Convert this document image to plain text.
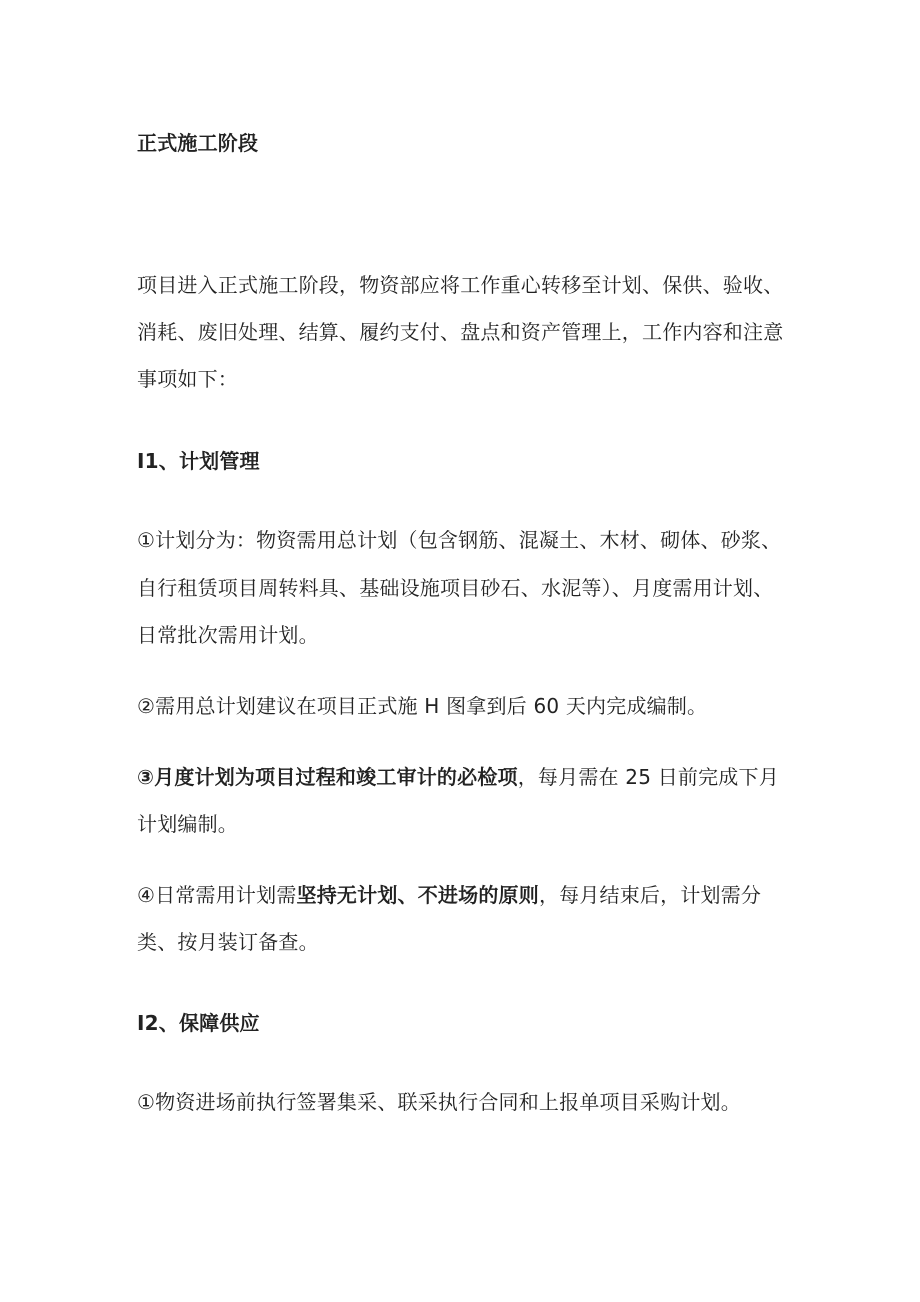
正式施工阶段
项目进入正式施工阶段，物资部应将工作重心转移至计划、保供、验收、
消耗、废旧处理、结算、履约支付、盘点和资产管理上，工作内容和注意
事项如下：
I1、计划管理
①计划分为：物资需用总计划（包含钢筋、混凝土、木材、砌体、砂浆、
自行租赁项目周转料具、基础设施项目砂石、水泥等）、月度需用计划、
日常批次需用计划。
②需用总计划建议在项目正式施 H 图拿到后 60 天内完成编制。
③月度计划为项目过程和竣工审计的必检项，每月需在 25 日前完成下月
计划编制。
④日常需用计划需坚持无计划、不进场的原则，每月结束后，计划需分
类、按月装订备查。
I2、保障供应
①物资进场前执行签署集采、联采执行合同和上报单项目采购计划。
